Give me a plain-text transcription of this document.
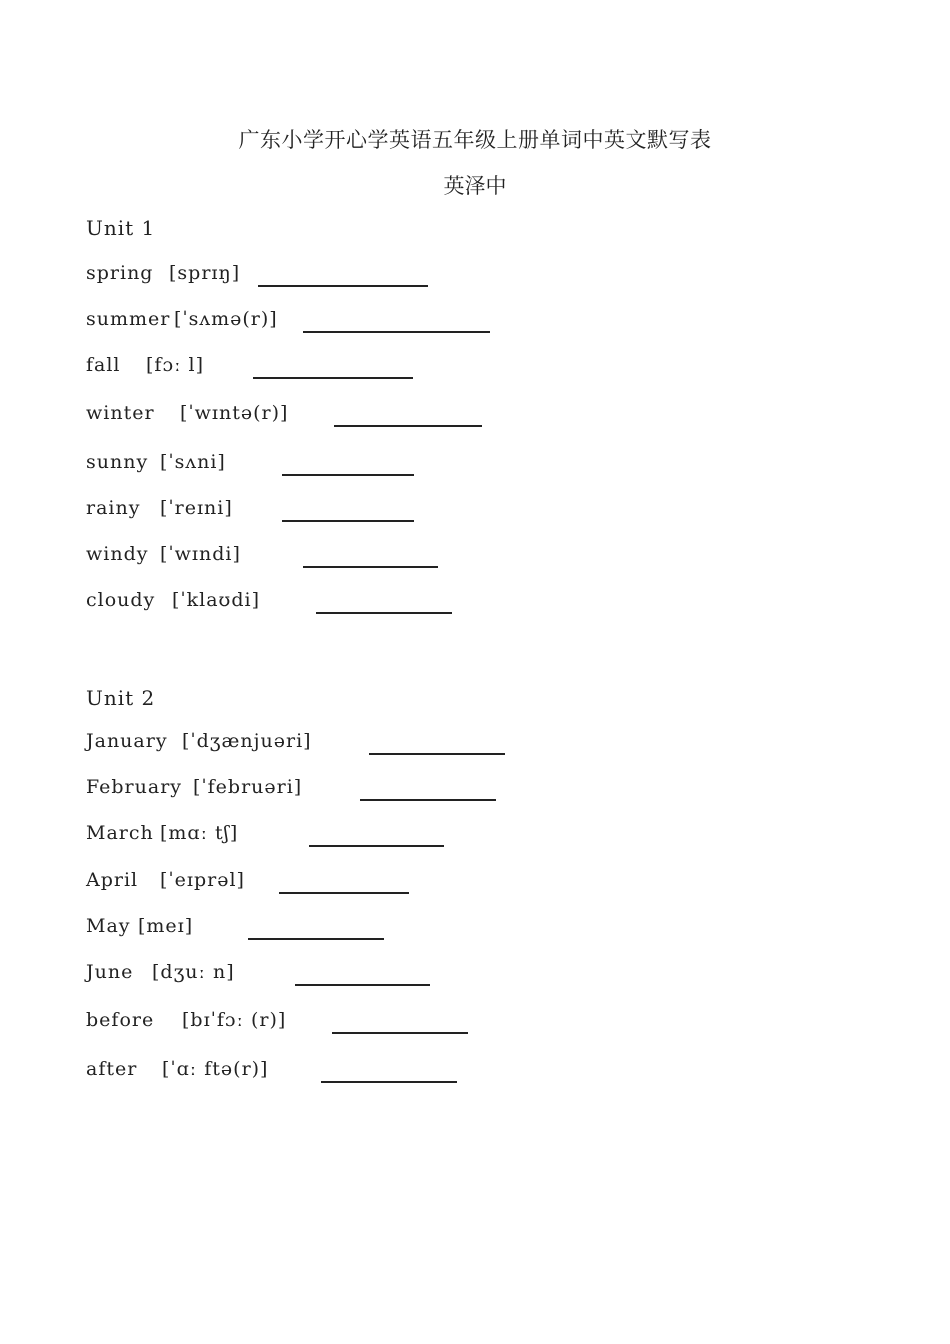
广东小学开心学英语五年级上册单词中英文默写表
英泽中
Unit 1
spring [sprɪŋ]
summer [ˈsʌmə(r)]
fall [fɔː l]
winter [ˈwɪntə(r)]
sunny [ˈsʌni]
rainy [ˈreɪni]
windy [ˈwɪndi]
cloudy [ˈklaʊdi]
Unit 2
January [ˈdʒænjuəri]
February [ˈfebruəri]
March [mɑː tʃ]
April [ˈeɪprəl]
May [meɪ]
June [dʒuː n]
before [bɪˈfɔː (r)]
after [ˈɑː ftə(r)]
